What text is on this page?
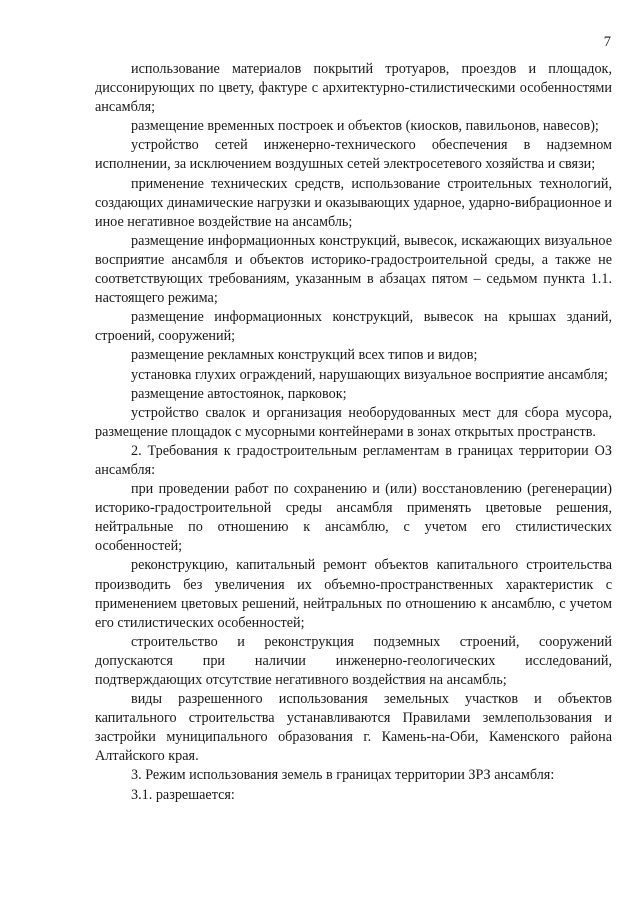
7

использование материалов покрытий тротуаров, проездов и площадок, диссонирующих по цвету, фактуре с архитектурно-стилистическими особенностями ансамбля;

размещение временных построек и объектов (киосков, павильонов, навесов);

устройство сетей инженерно-технического обеспечения в надземном исполнении, за исключением воздушных сетей электросетевого хозяйства и связи;

применение технических средств, использование строительных технологий, создающих динамические нагрузки и оказывающих ударное, ударно-вибрационное и иное негативное воздействие на ансамбль;

размещение информационных конструкций, вывесок, искажающих визуальное восприятие ансамбля и объектов историко-градостроительной среды, а также не соответствующих требованиям, указанным в абзацах пятом – седьмом пункта 1.1. настоящего режима;

размещение информационных конструкций, вывесок на крышах зданий, строений, сооружений;

размещение рекламных конструкций всех типов и видов;

установка глухих ограждений, нарушающих визуальное восприятие ансамбля;

размещение автостоянок, парковок;

устройство свалок и организация необорудованных мест для сбора мусора, размещение площадок с мусорными контейнерами в зонах открытых пространств.

2. Требования к градостроительным регламентам в границах территории ОЗ ансамбля:

при проведении работ по сохранению и (или) восстановлению (регенерации) историко-градостроительной среды ансамбля применять цветовые решения, нейтральные по отношению к ансамблю, с учетом его стилистических особенностей;

реконструкцию, капитальный ремонт объектов капитального строительства производить без увеличения их объемно-пространственных характеристик с применением цветовых решений, нейтральных по отношению к ансамблю, с учетом его стилистических особенностей;

строительство и реконструкция подземных строений, сооружений допускаются при наличии инженерно-геологических исследований, подтверждающих отсутствие негативного воздействия на ансамбль;

виды разрешенного использования земельных участков и объектов капитального строительства устанавливаются Правилами землепользования и застройки муниципального образования г. Камень-на-Оби, Каменского района Алтайского края.

3. Режим использования земель в границах территории ЗРЗ ансамбля:

3.1. разрешается:
